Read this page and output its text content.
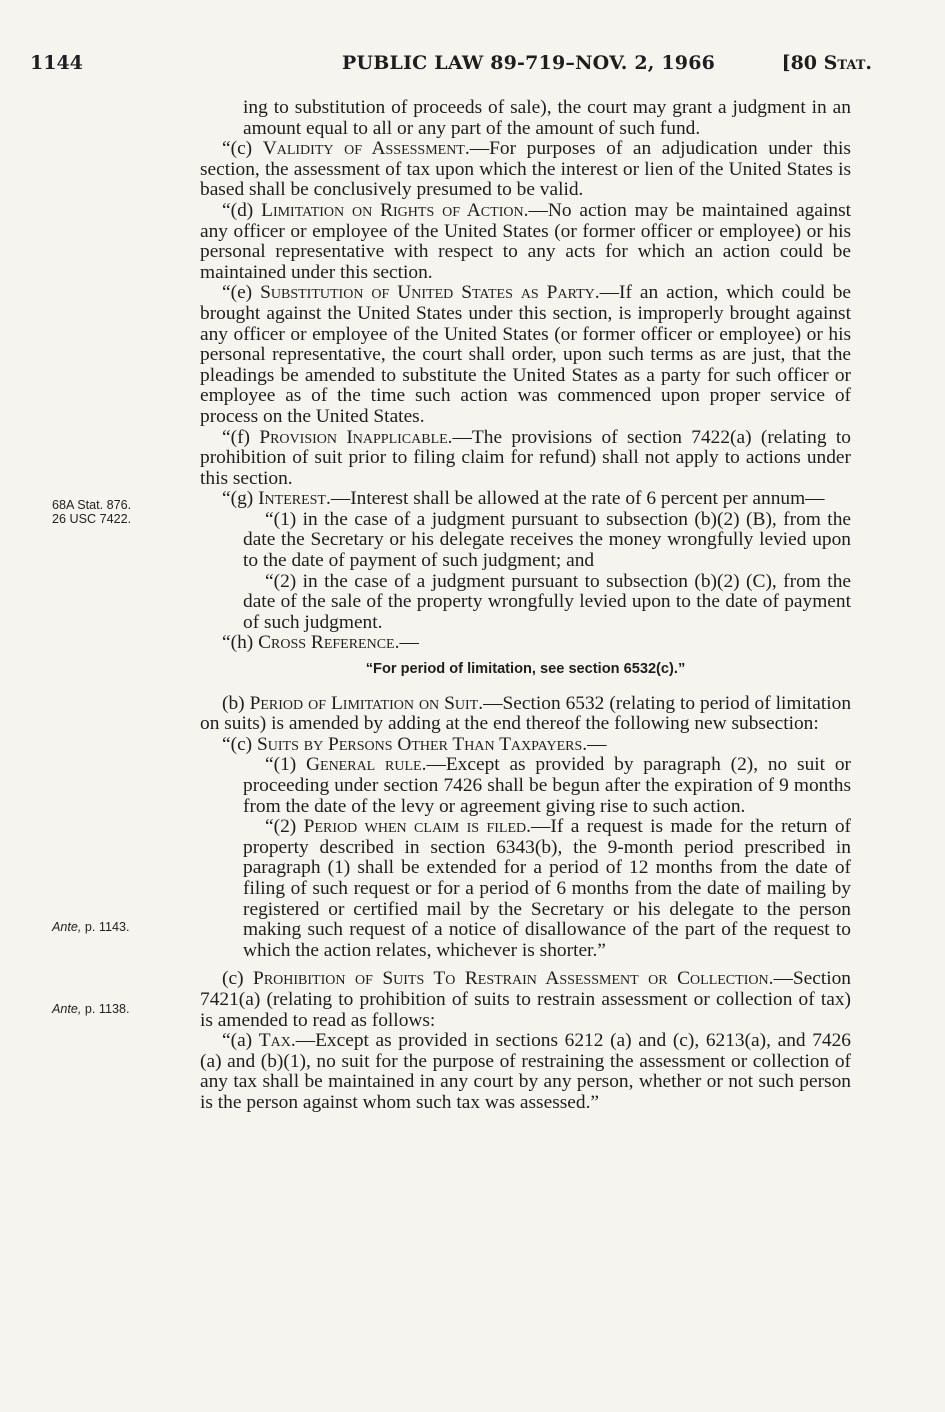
1144	PUBLIC LAW 89-719–NOV. 2, 1966	[80 Stat.
68A Stat. 876.
26 USC 7422.
Ante, p. 1143.
Ante, p. 1138.

ing to substitution of proceeds of sale), the court may grant a judgment in an amount equal to all or any part of the amount of such fund.

“(c) Validity of Assessment.—For purposes of an adjudication under this section, the assessment of tax upon which the interest or lien of the United States is based shall be conclusively presumed to be valid.

“(d) Limitation on Rights of Action.—No action may be maintained against any officer or employee of the United States (or former officer or employee) or his personal representative with respect to any acts for which an action could be maintained under this section.

“(e) Substitution of United States as Party.—If an action, which could be brought against the United States under this section, is improperly brought against any officer or employee of the United States (or former officer or employee) or his personal representative, the court shall order, upon such terms as are just, that the pleadings be amended to substitute the United States as a party for such officer or employee as of the time such action was commenced upon proper service of process on the United States.

“(f) Provision Inapplicable.—The provisions of section 7422(a) (relating to prohibition of suit prior to filing claim for refund) shall not apply to actions under this section.

“(g) Interest.—Interest shall be allowed at the rate of 6 percent per annum—

“(1) in the case of a judgment pursuant to subsection (b)(2) (B), from the date the Secretary or his delegate receives the money wrongfully levied upon to the date of payment of such judgment; and

“(2) in the case of a judgment pursuant to subsection (b)(2) (C), from the date of the sale of the property wrongfully levied upon to the date of payment of such judgment.

“(h) Cross Reference.—

“For period of limitation, see section 6532(c).”

(b) Period of Limitation on Suit.—Section 6532 (relating to period of limitation on suits) is amended by adding at the end thereof the following new subsection:

“(c) Suits by Persons Other Than Taxpayers.—

“(1) General rule.—Except as provided by paragraph (2), no suit or proceeding under section 7426 shall be begun after the expiration of 9 months from the date of the levy or agreement giving rise to such action.

“(2) Period when claim is filed.—If a request is made for the return of property described in section 6343(b), the 9-month period prescribed in paragraph (1) shall be extended for a period of 12 months from the date of filing of such request or for a period of 6 months from the date of mailing by registered or certified mail by the Secretary or his delegate to the person making such request of a notice of disallowance of the part of the request to which the action relates, whichever is shorter.”

(c) Prohibition of Suits To Restrain Assessment or Collection.—Section 7421(a) (relating to prohibition of suits to restrain assessment or collection of tax) is amended to read as follows:

“(a) Tax.—Except as provided in sections 6212 (a) and (c), 6213(a), and 7426 (a) and (b)(1), no suit for the purpose of restraining the assessment or collection of any tax shall be maintained in any court by any person, whether or not such person is the person against whom such tax was assessed.”
